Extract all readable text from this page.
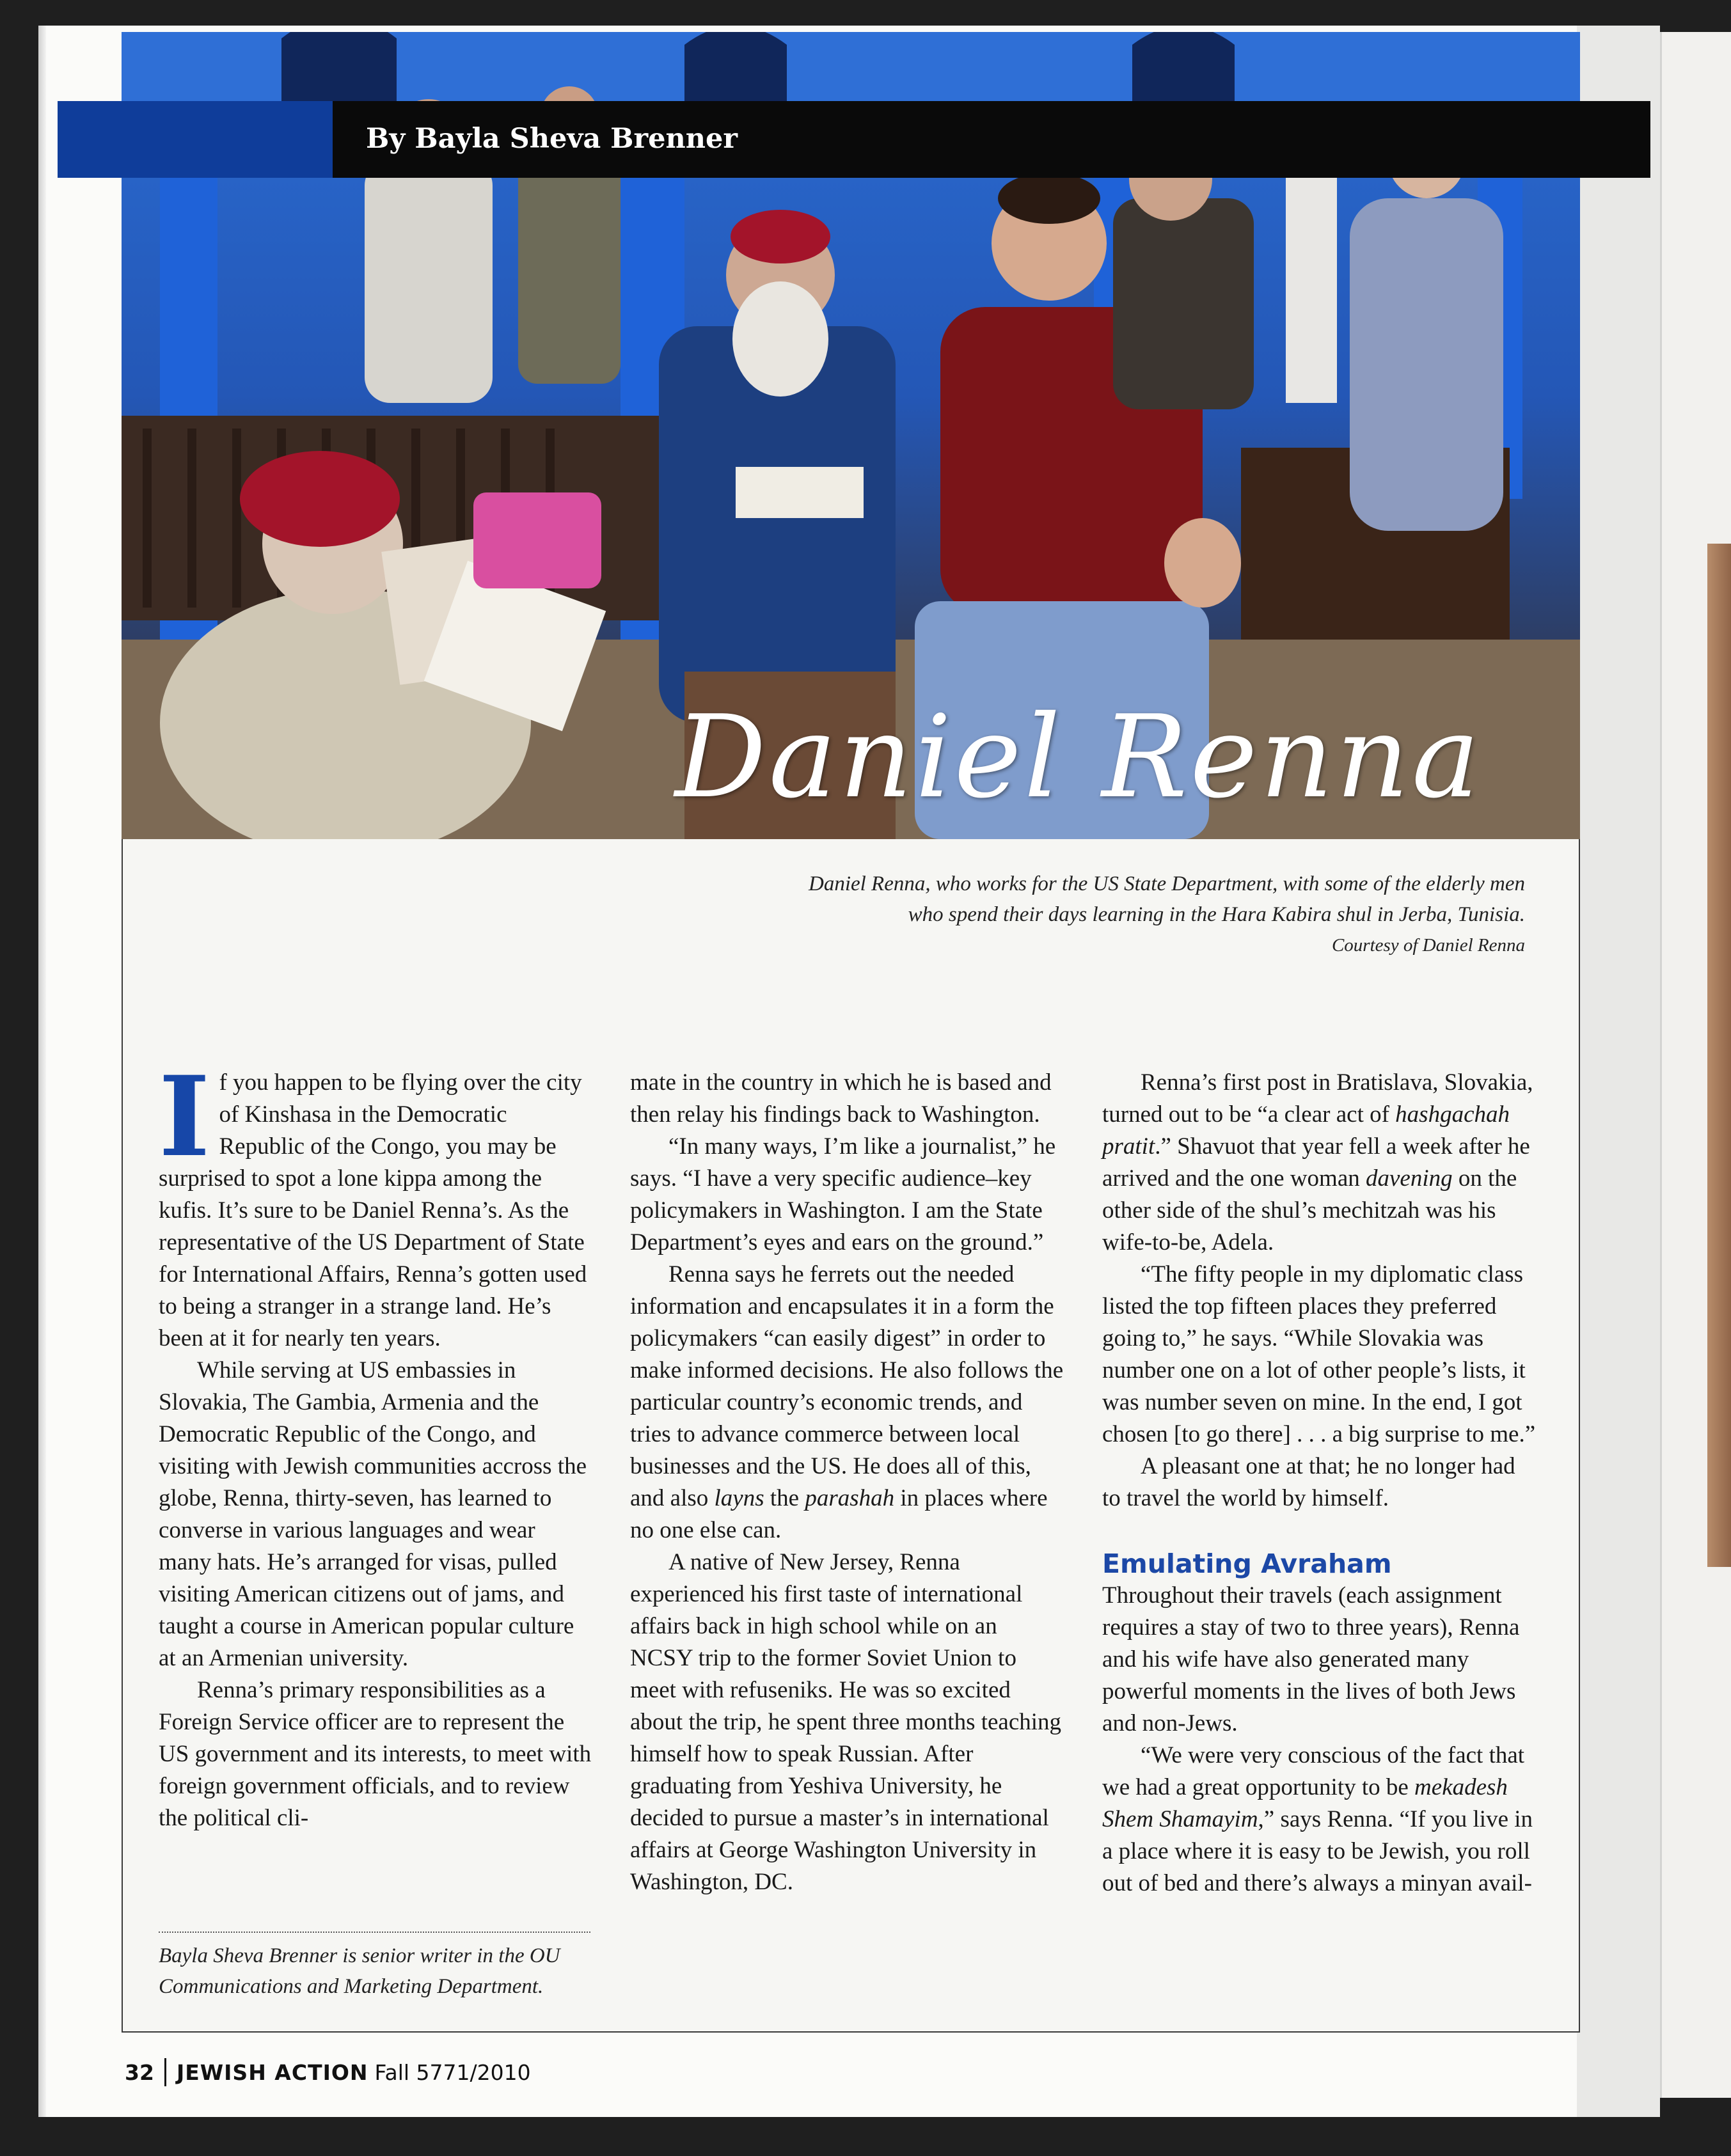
By Bayla Sheva Brenner
Daniel Renna
Daniel Renna, who works for the US State Department, with some of the elderly men
who spend their days learning in the Hara Kabira shul in Jerba, Tunisia.
Courtesy of Daniel Renna

If you happen to be flying over the city of Kinshasa in the Democratic Republic of the Congo, you may be surprised to spot a lone kippa among the kufis. It’s sure to be Daniel Renna’s. As the representative of the US Department of State for International Affairs, Renna’s gotten used to being a stranger in a strange land. He’s been at it for nearly ten years.

While serving at US embassies in Slovakia, The Gambia, Armenia and the Democratic Republic of the Congo, and visiting with Jewish communities accross the globe, Renna, thirty-seven, has learned to converse in various languages and wear many hats. He’s arranged for visas, pulled visiting American citizens out of jams, and taught a course in American popular culture at an Armenian university.

Renna’s primary responsibilities as a Foreign Service officer are to represent the US government and its interests, to meet with foreign government officials, and to review the political cli-

Bayla Sheva Brenner is senior writer in the OU Communications and Marketing Department.

mate in the country in which he is based and then relay his findings back to Washington.

“In many ways, I’m like a journalist,” he says. “I have a very specific audience–key policymakers in Washington. I am the State Department’s eyes and ears on the ground.”

Renna says he ferrets out the needed information and encapsulates it in a form the policymakers “can easily digest” in order to make informed decisions. He also follows the particular country’s economic trends, and tries to advance commerce between local businesses and the US. He does all of this, and also layns the parashah in places where no one else can.

A native of New Jersey, Renna experienced his first taste of international affairs back in high school while on an NCSY trip to the former Soviet Union to meet with refuseniks. He was so excited about the trip, he spent three months teaching himself how to speak Russian. After graduating from Yeshiva University, he decided to pursue a master’s in international affairs at George Washington University in Washington, DC.

Renna’s first post in Bratislava, Slovakia, turned out to be “a clear act of hashgachah pratit.” Shavuot that year fell a week after he arrived and the one woman davening on the other side of the shul’s mechitzah was his wife-to-be, Adela.

“The fifty people in my diplomatic class listed the top fifteen places they preferred going to,” he says. “While Slovakia was number one on a lot of other people’s lists, it was number seven on mine. In the end, I got chosen [to go there] . . . a big surprise to me.”

A pleasant one at that; he no longer had to travel the world by himself.

Emulating Avraham

Throughout their travels (each assignment requires a stay of two to three years), Renna and his wife have also generated many powerful moments in the lives of both Jews and non-Jews.

“We were very conscious of the fact that we had a great opportunity to be mekadesh Shem Shamayim,” says Renna. “If you live in a place where it is easy to be Jewish, you roll out of bed and there’s always a minyan avail-

32 JEWISH ACTION Fall 5771/2010
